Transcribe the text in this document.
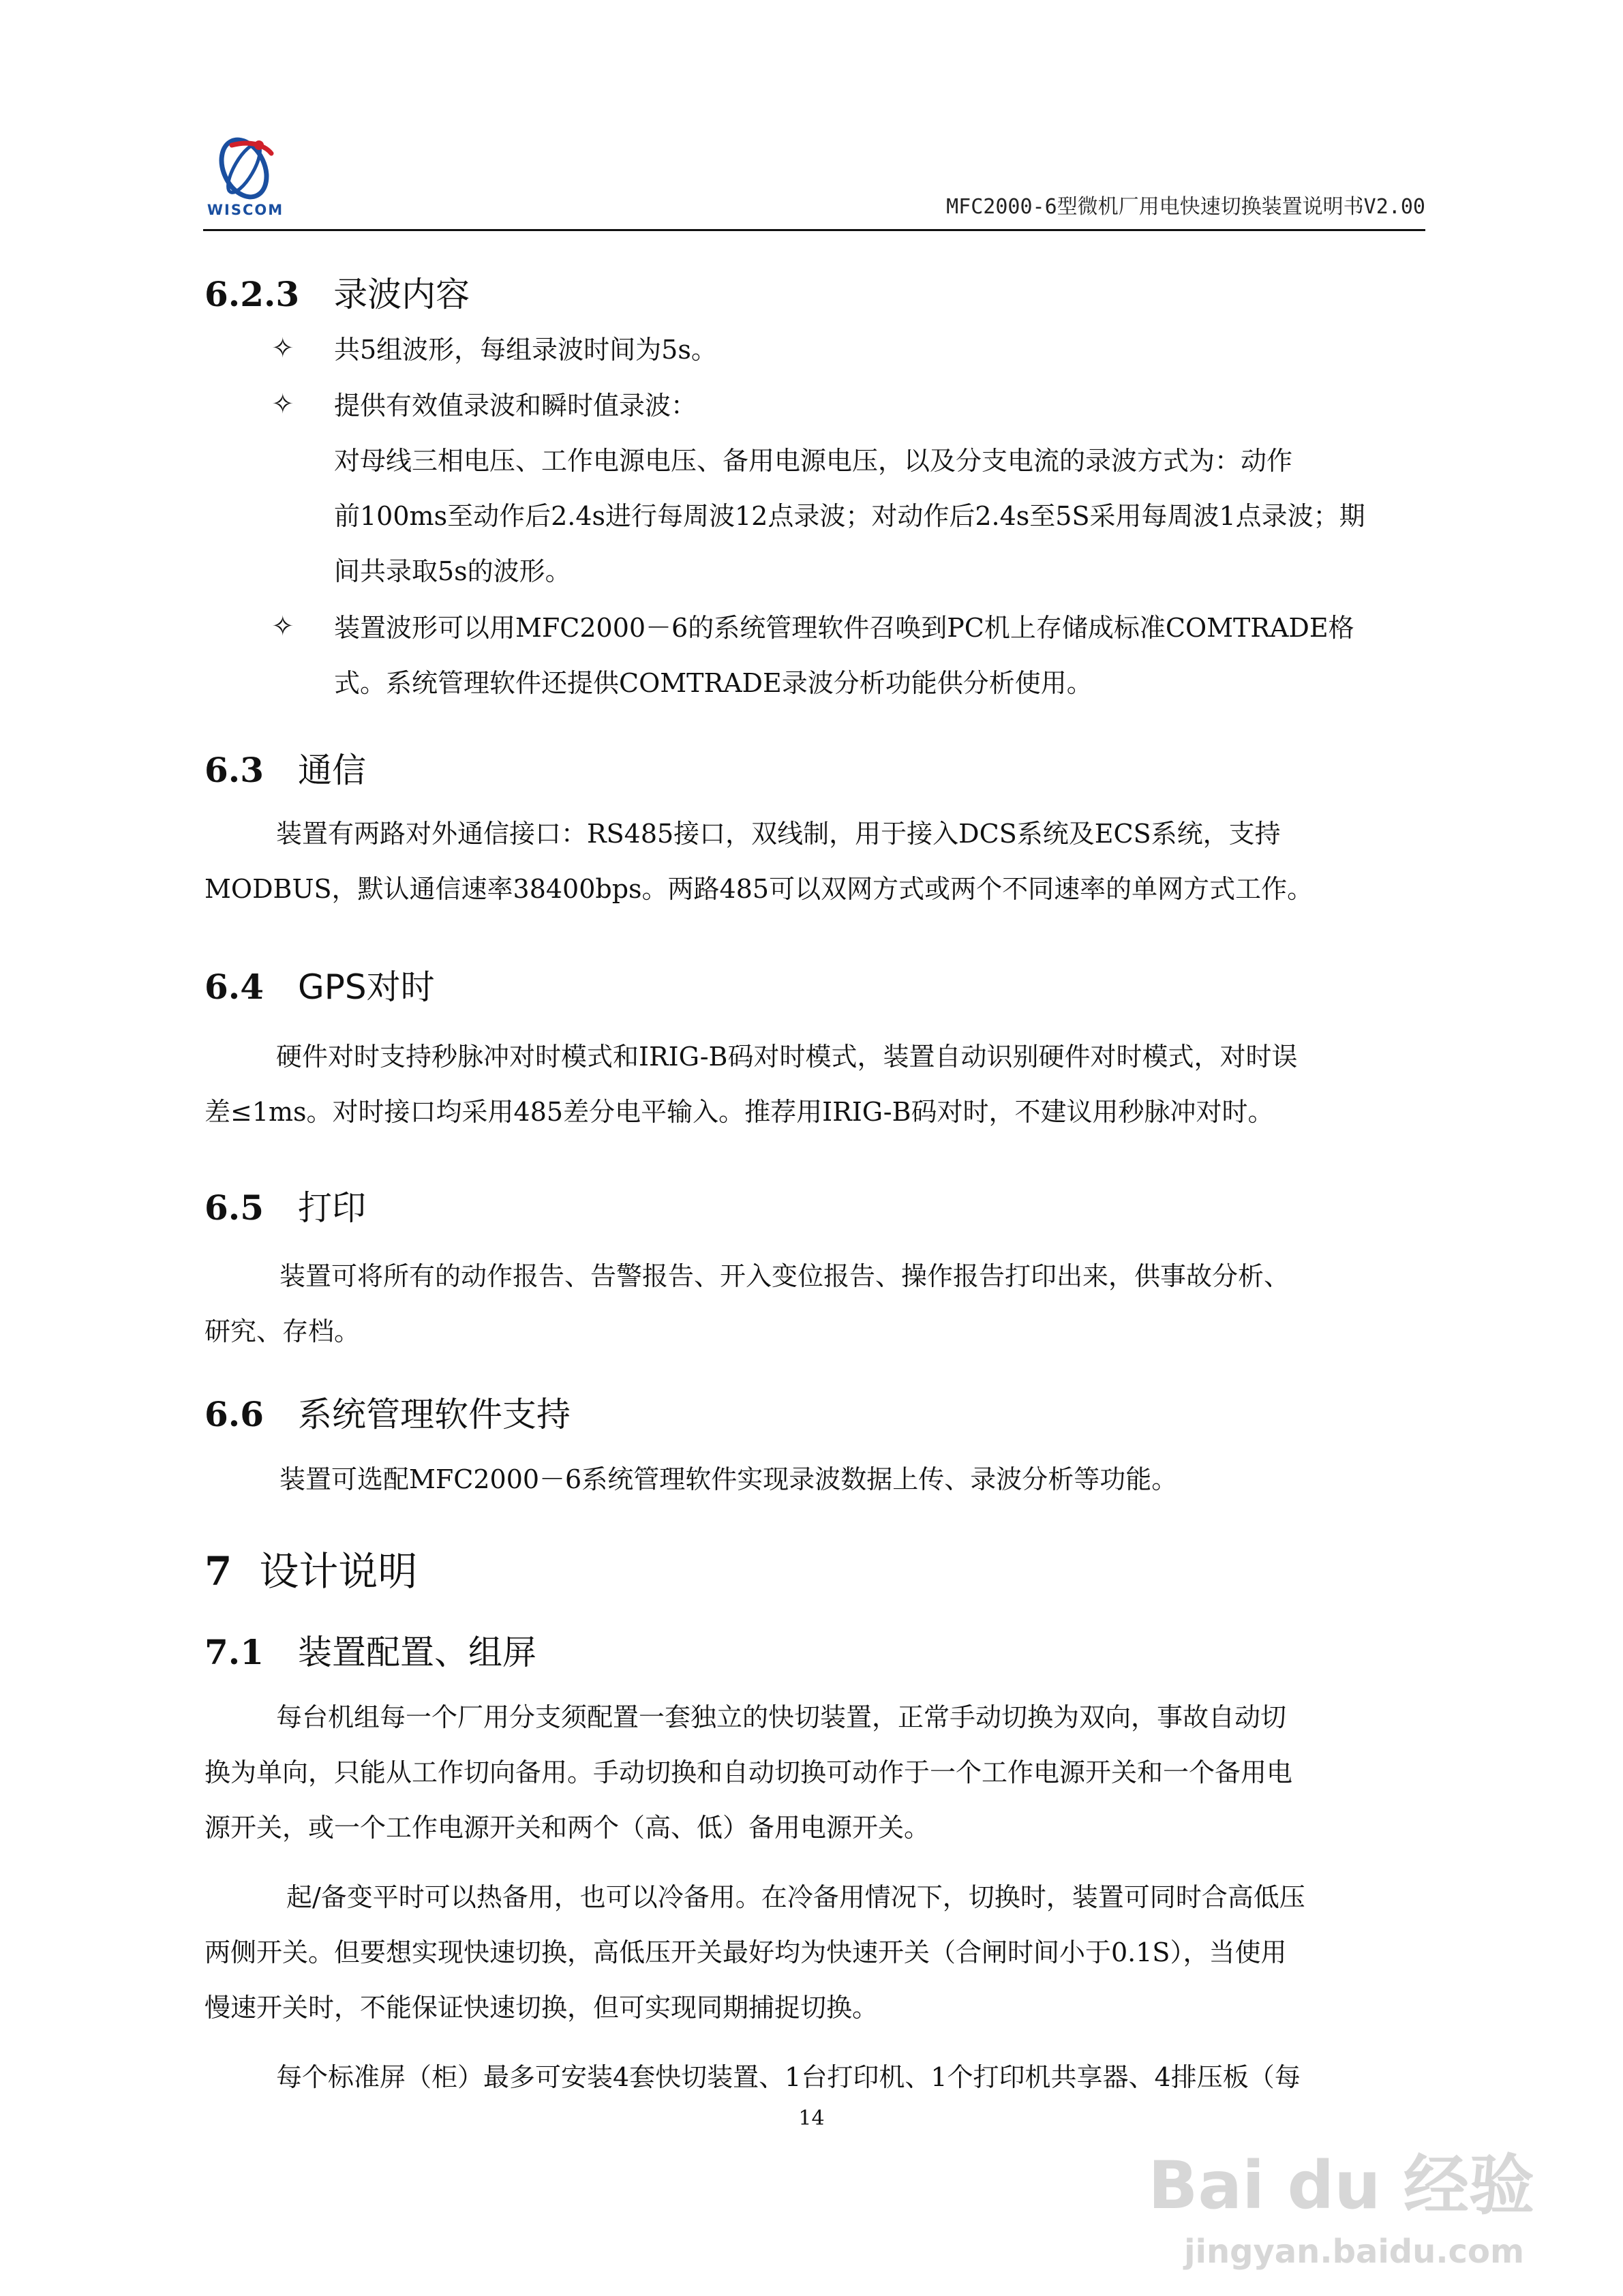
WISCOM	MFC2000-6型微机厂用电快速切换装置说明书V2.00
6.2.3 录波内容
✧ 共5组波形，每组录波时间为5s。
✧ 提供有效值录波和瞬时值录波：
对母线三相电压、工作电源电压、备用电源电压，以及分支电流的录波方式为：动作
前100ms至动作后2.4s进行每周波12点录波；对动作后2.4s至5S采用每周波1点录波；期
间共录取5s的波形。
✧ 装置波形可以用MFC2000－6的系统管理软件召唤到PC机上存储成标准COMTRADE格
式。系统管理软件还提供COMTRADE录波分析功能供分析使用。
6.3 通信
装置有两路对外通信接口：RS485接口，双线制，用于接入DCS系统及ECS系统，支持
MODBUS，默认通信速率38400bps。两路485可以双网方式或两个不同速率的单网方式工作。
6.4 GPS对时
硬件对时支持秒脉冲对时模式和IRIG-B码对时模式，装置自动识别硬件对时模式，对时误
差≤1ms。对时接口均采用485差分电平输入。推荐用IRIG-B码对时，不建议用秒脉冲对时。
6.5 打印
装置可将所有的动作报告、告警报告、开入变位报告、操作报告打印出来，供事故分析、
研究、存档。
6.6 系统管理软件支持
装置可选配MFC2000－6系统管理软件实现录波数据上传、录波分析等功能。
7 设计说明
7.1 装置配置、组屏
每台机组每一个厂用分支须配置一套独立的快切装置，正常手动切换为双向，事故自动切
换为单向，只能从工作切向备用。手动切换和自动切换可动作于一个工作电源开关和一个备用电
源开关，或一个工作电源开关和两个（高、低）备用电源开关。
起/备变平时可以热备用，也可以冷备用。在冷备用情况下，切换时，装置可同时合高低压
两侧开关。但要想实现快速切换，高低压开关最好均为快速开关（合闸时间小于0.1S），当使用
慢速开关时，不能保证快速切换，但可实现同期捕捉切换。
每个标准屏（柜）最多可安装4套快切装置、1台打印机、1个打印机共享器、4排压板（每
14
Bai du 经验
jingyan.baidu.com
